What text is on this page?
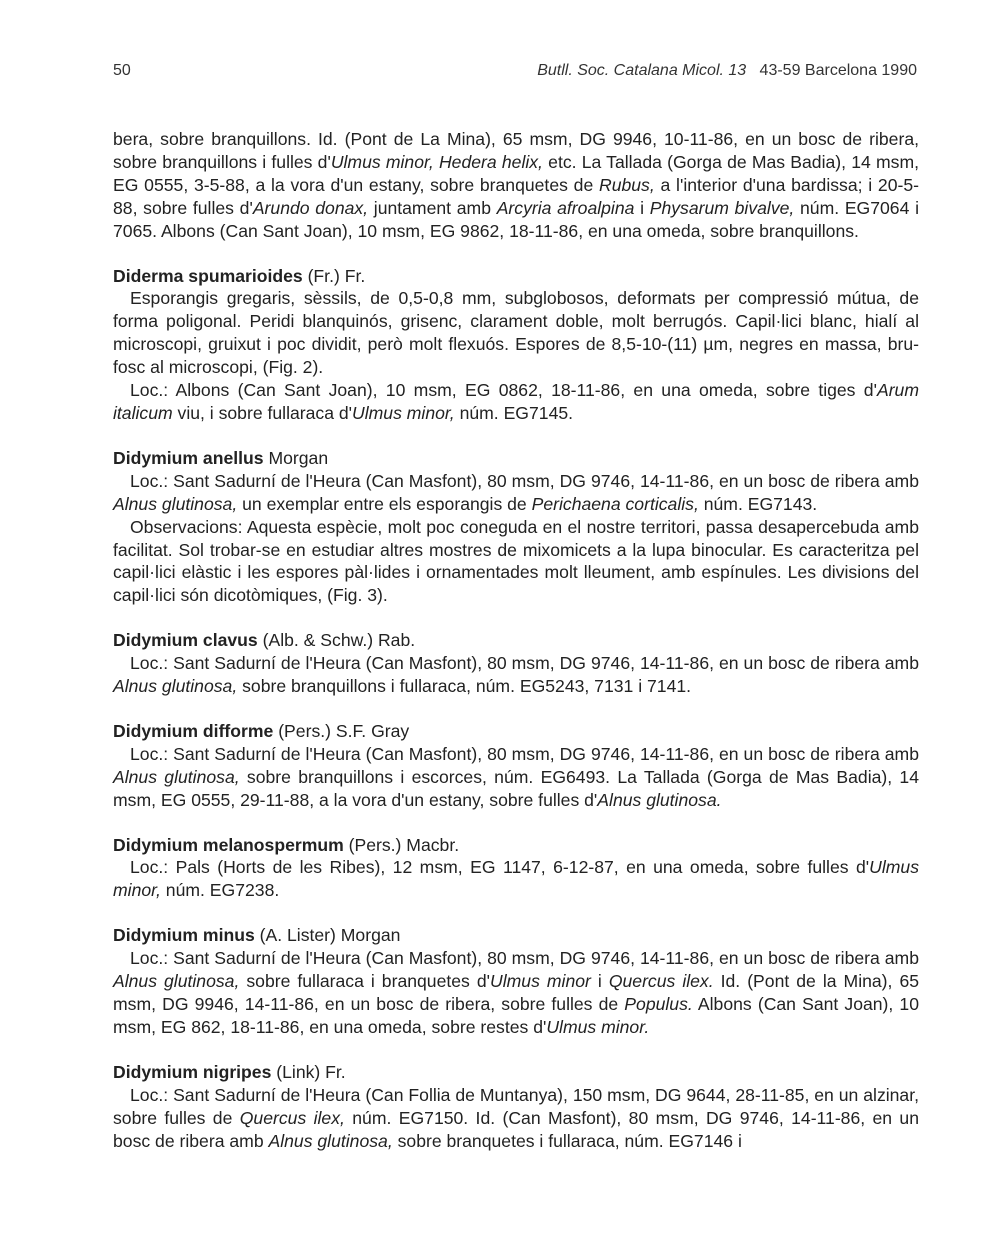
50	Butll. Soc. Catalana Micol. 13 43-59 Barcelona 1990

bera, sobre branquillons. Id. (Pont de La Mina), 65 msm, DG 9946, 10-11-86, en un bosc de ribera, sobre branquillons i fulles d'Ulmus minor, Hedera helix, etc. La Tallada (Gorga de Mas Badia), 14 msm, EG 0555, 3-5-88, a la vora d'un estany, sobre branquetes de Rubus, a l'interior d'una bardissa; i 20-5-88, sobre fulles d'Arundo donax, juntament amb Arcyria afroalpina i Physarum bivalve, núm. EG7064 i 7065. Albons (Can Sant Joan), 10 msm, EG 9862, 18-11-86, en una omeda, sobre branquillons.

Diderma spumarioides (Fr.) Fr.

Esporangis gregaris, sèssils, de 0,5-0,8 mm, subglobosos, deformats per compressió mútua, de forma poligonal. Peridi blanquinós, grisenc, clarament doble, molt berrugós. Capil·lici blanc, hialí al microscopi, gruixut i poc dividit, però molt flexuós. Espores de 8,5-10-(11) µm, negres en massa, bru-fosc al microscopi, (Fig. 2).

Loc.: Albons (Can Sant Joan), 10 msm, EG 0862, 18-11-86, en una omeda, sobre tiges d'Arum italicum viu, i sobre fullaraca d'Ulmus minor, núm. EG7145.

Didymium anellus Morgan

Loc.: Sant Sadurní de l'Heura (Can Masfont), 80 msm, DG 9746, 14-11-86, en un bosc de ribera amb Alnus glutinosa, un exemplar entre els esporangis de Perichaena corticalis, núm. EG7143.

Observacions: Aquesta espècie, molt poc coneguda en el nostre territori, passa desapercebuda amb facilitat. Sol trobar-se en estudiar altres mostres de mixomicets a la lupa binocular. Es caracteritza pel capil·lici elàstic i les espores pàl·lides i ornamentades molt lleument, amb espínules. Les divisions del capil·lici són dicotòmiques, (Fig. 3).

Didymium clavus (Alb. & Schw.) Rab.

Loc.: Sant Sadurní de l'Heura (Can Masfont), 80 msm, DG 9746, 14-11-86, en un bosc de ribera amb Alnus glutinosa, sobre branquillons i fullaraca, núm. EG5243, 7131 i 7141.

Didymium difforme (Pers.) S.F. Gray

Loc.: Sant Sadurní de l'Heura (Can Masfont), 80 msm, DG 9746, 14-11-86, en un bosc de ribera amb Alnus glutinosa, sobre branquillons i escorces, núm. EG6493. La Tallada (Gorga de Mas Badia), 14 msm, EG 0555, 29-11-88, a la vora d'un estany, sobre fulles d'Alnus glutinosa.

Didymium melanospermum (Pers.) Macbr.

Loc.: Pals (Horts de les Ribes), 12 msm, EG 1147, 6-12-87, en una omeda, sobre fulles d'Ulmus minor, núm. EG7238.

Didymium minus (A. Lister) Morgan

Loc.: Sant Sadurní de l'Heura (Can Masfont), 80 msm, DG 9746, 14-11-86, en un bosc de ribera amb Alnus glutinosa, sobre fullaraca i branquetes d'Ulmus minor i Quercus ilex. Id. (Pont de la Mina), 65 msm, DG 9946, 14-11-86, en un bosc de ribera, sobre fulles de Populus. Albons (Can Sant Joan), 10 msm, EG 862, 18-11-86, en una omeda, sobre restes d'Ulmus minor.

Didymium nigripes (Link) Fr.

Loc.: Sant Sadurní de l'Heura (Can Follia de Muntanya), 150 msm, DG 9644, 28-11-85, en un alzinar, sobre fulles de Quercus ilex, núm. EG7150. Id. (Can Masfont), 80 msm, DG 9746, 14-11-86, en un bosc de ribera amb Alnus glutinosa, sobre branquetes i fullaraca, núm. EG7146 i
